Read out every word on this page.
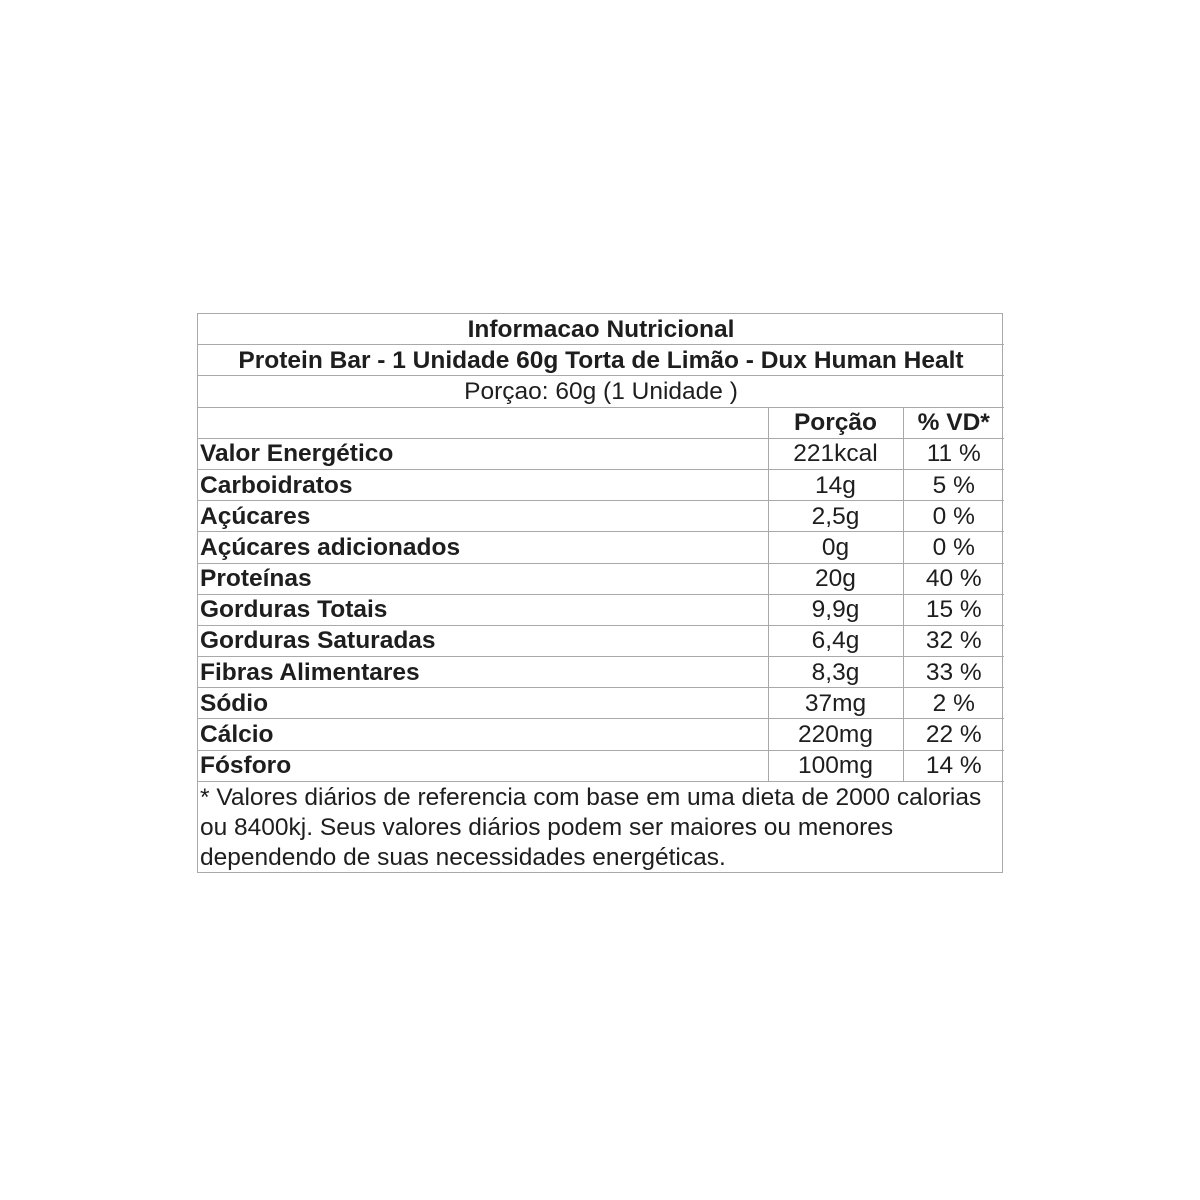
Informacao Nutricional		
Protein Bar - 1 Unidade 60g Torta de Limão - Dux Human Healt		
Porçao: 60g (1 Unidade )		
	Porção	% VD*
Valor Energético	221kcal	11 %
Carboidratos	14g	5 %
Açúcares	2,5g	0 %
Açúcares adicionados	0g	0 %
Proteínas	20g	40 %
Gorduras Totais	9,9g	15 %
Gorduras Saturadas	6,4g	32 %
Fibras Alimentares	8,3g	33 %
Sódio	37mg	2 %
Cálcio	220mg	22 %
Fósforo	100mg	14 %
* Valores diários de referencia com base em uma dieta de 2000 calorias ou 8400kj. Seus valores diários podem ser maiores ou menores dependendo de suas necessidades energéticas.		
